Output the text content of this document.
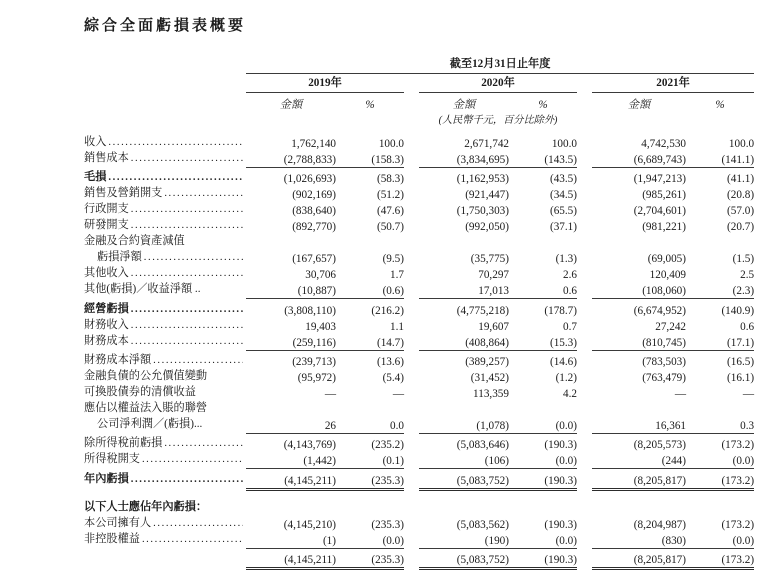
綜合全面虧損表概要
	截至12月31日止年度							
	2019年			2020年			2021年	
	金額	%		金額	%		金額	%
				(人民幣千元，百分比除外)				

收入 .....	1,762,140	100.0		2,671,742	100.0		4,742,530	100.0

銷售成本 .....	(2,788,833)	(158.3)		(3,834,695)	(143.5)		(6,689,743)	(141.1)

毛損 .....	(1,026,693)	(58.3)		(1,162,953)	(43.5)		(1,947,213)	(41.1)

銷售及營銷開支 .....	(902,169)	(51.2)		(921,447)	(34.5)		(985,261)	(20.8)

行政開支 .....	(838,640)	(47.6)		(1,750,303)	(65.5)		(2,704,601)	(57.0)

研發開支 .....	(892,770)	(50.7)		(992,050)	(37.1)		(981,221)	(20.7)

金融及合約資產減值

虧損淨額 .....	(167,657)	(9.5)		(35,775)	(1.3)		(69,005)	(1.5)

其他收入 .....	30,706	1.7		70,297	2.6		120,409	2.5

其他(虧損)／收益淨額 ..	(10,887)	(0.6)		17,013	0.6		(108,060)	(2.3)

經營虧損 .....	(3,808,110)	(216.2)		(4,775,218)	(178.7)		(6,674,952)	(140.9)

財務收入 .....	19,403	1.1		19,607	0.7		27,242	0.6

財務成本 .....	(259,116)	(14.7)		(408,864)	(15.3)		(810,745)	(17.1)

財務成本淨額 .....	(239,713)	(13.6)		(389,257)	(14.6)		(783,503)	(16.5)

金融負債的公允價值變動	(95,972)	(5.4)		(31,452)	(1.2)		(763,479)	(16.1)

可換股債券的清償收益	—	—		113,359	4.2		—	—

應佔以權益法入賬的聯營

公司淨利潤／(虧損)...	26	0.0		(1,078)	(0.0)		16,361	0.3

除所得稅前虧損 .....	(4,143,769)	(235.2)		(5,083,646)	(190.3)		(8,205,573)	(173.2)

所得稅開支 .....	(1,442)	(0.1)		(106)	(0.0)		(244)	(0.0)

年內虧損 .....	(4,145,211)	(235.3)		(5,083,752)	(190.3)		(8,205,817)	(173.2)

以下人士應佔年內虧損：

本公司擁有人 .....	(4,145,210)	(235.3)		(5,083,562)	(190.3)		(8,204,987)	(173.2)

非控股權益 .....	(1)	(0.0)		(190)	(0.0)		(830)	(0.0)

(4,145,211)	(235.3)		(5,083,752)	(190.3)		(8,205,817)	(173.2)
